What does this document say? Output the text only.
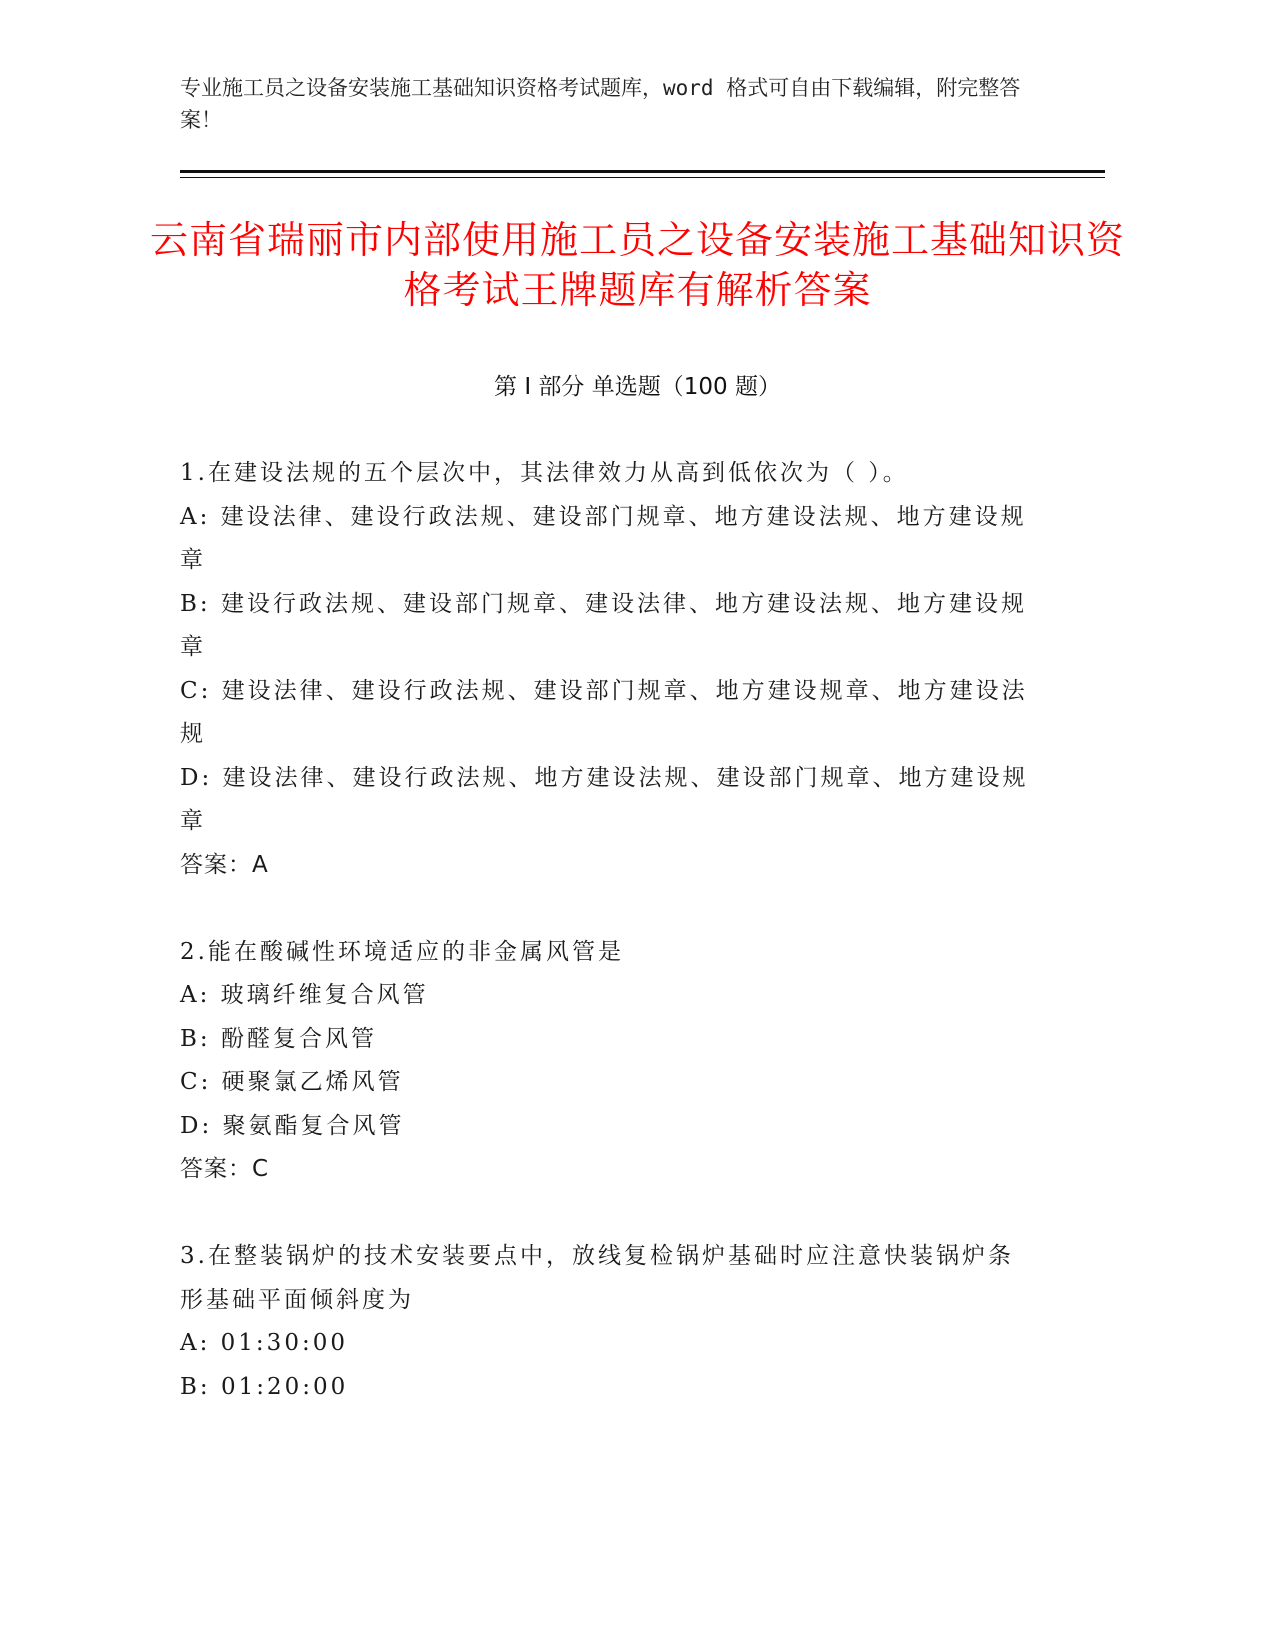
专业施工员之设备安装施工基础知识资格考试题库，word 格式可自由下载编辑，附完整答案！
云南省瑞丽市内部使用施工员之设备安装施工基础知识资格考试王牌题库有解析答案
第 I 部分 单选题（100 题）

1.在建设法规的五个层次中，其法律效力从高到低依次为（ ）。

A: 建设法律、建设行政法规、建设部门规章、地方建设法规、地方建设规章

B: 建设行政法规、建设部门规章、建设法律、地方建设法规、地方建设规章

C: 建设法律、建设行政法规、建设部门规章、地方建设规章、地方建设法规

D: 建设法律、建设行政法规、地方建设法规、建设部门规章、地方建设规章

答案：A

2.能在酸碱性环境适应的非金属风管是

A: 玻璃纤维复合风管

B: 酚醛复合风管

C: 硬聚氯乙烯风管

D: 聚氨酯复合风管

答案：C

3.在整装锅炉的技术安装要点中，放线复检锅炉基础时应注意快装锅炉条形基础平面倾斜度为

A: 01:30:00

B: 01:20:00
